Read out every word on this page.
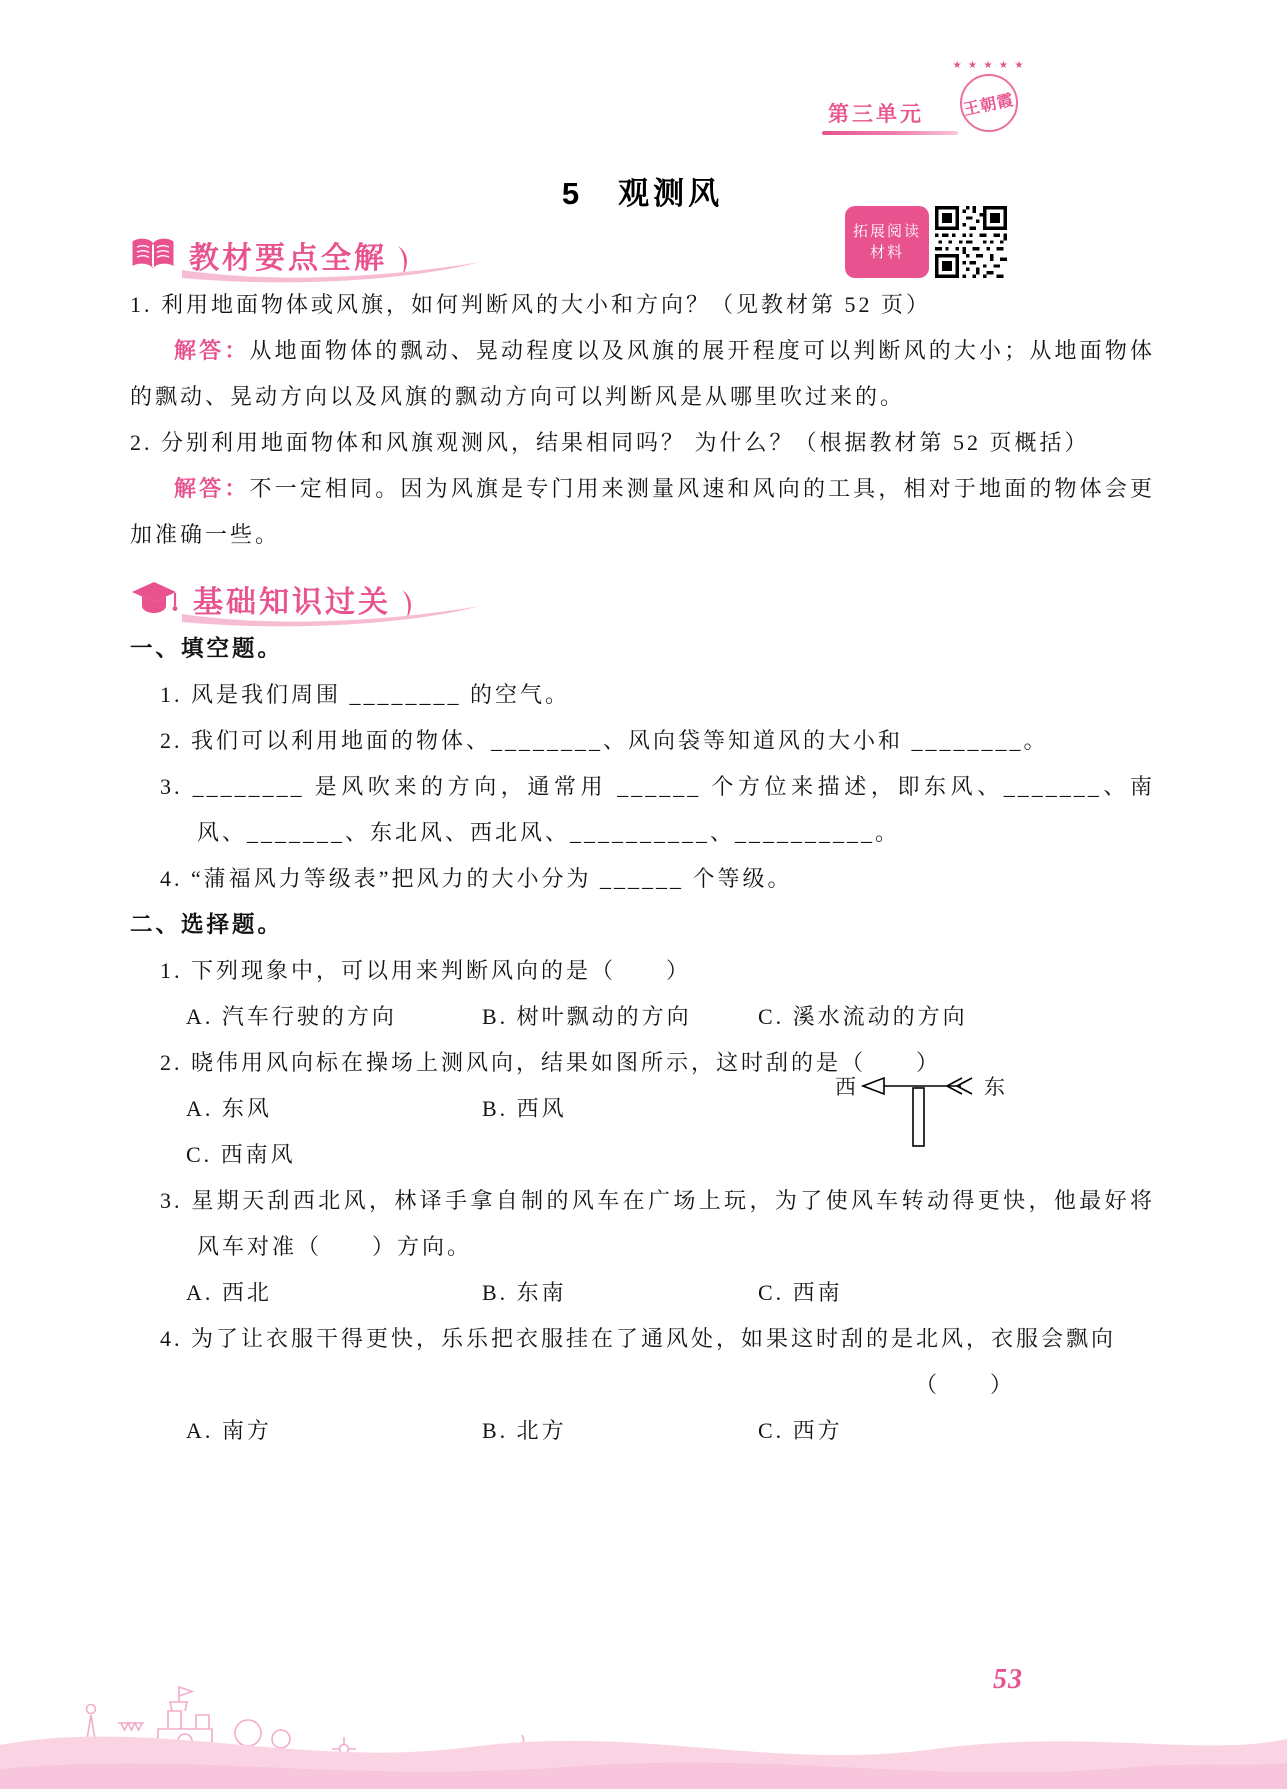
第三单元
★ ★ ★ ★ ★
王朝霞
拓展阅读
材料
5　观测风
教材要点全解

1. 利用地面物体或风旗，如何判断风的大小和方向？（见教材第 52 页）

解答：从地面物体的飘动、晃动程度以及风旗的展开程度可以判断风的大小；从地面物体的飘动、晃动方向以及风旗的飘动方向可以判断风是从哪里吹过来的。

2. 分别利用地面物体和风旗观测风，结果相同吗？ 为什么？（根据教材第 52 页概括）

解答：不一定相同。因为风旗是专门用来测量风速和风向的工具，相对于地面的物体会更加准确一些。

基础知识过关

一、填空题。

1. 风是我们周围 ________ 的空气。

2. 我们可以利用地面的物体、________、风向袋等知道风的大小和 ________。

3. ________ 是风吹来的方向，通常用 ______ 个方位来描述，即东风、_______、南风、_______、东北风、西北风、__________、__________。

4. “蒲福风力等级表”把风力的大小分为 ______ 个等级。

二、选择题。

1. 下列现象中，可以用来判断风向的是（　　）

A. 汽车行驶的方向	B. 树叶飘动的方向	C. 溪水流动的方向

2. 晓伟用风向标在操场上测风向，结果如图所示，这时刮的是（　　）

A. 东风	B. 西风
C. 西南风
西	东

3. 星期天刮西北风，林译手拿自制的风车在广场上玩，为了使风车转动得更快，他最好将风车对准（　　）方向。

A. 西北	B. 东南	C. 西南

4. 为了让衣服干得更快，乐乐把衣服挂在了通风处，如果这时刮的是北风，衣服会飘向

（　　）

A. 南方	B. 北方	C. 西方
53
